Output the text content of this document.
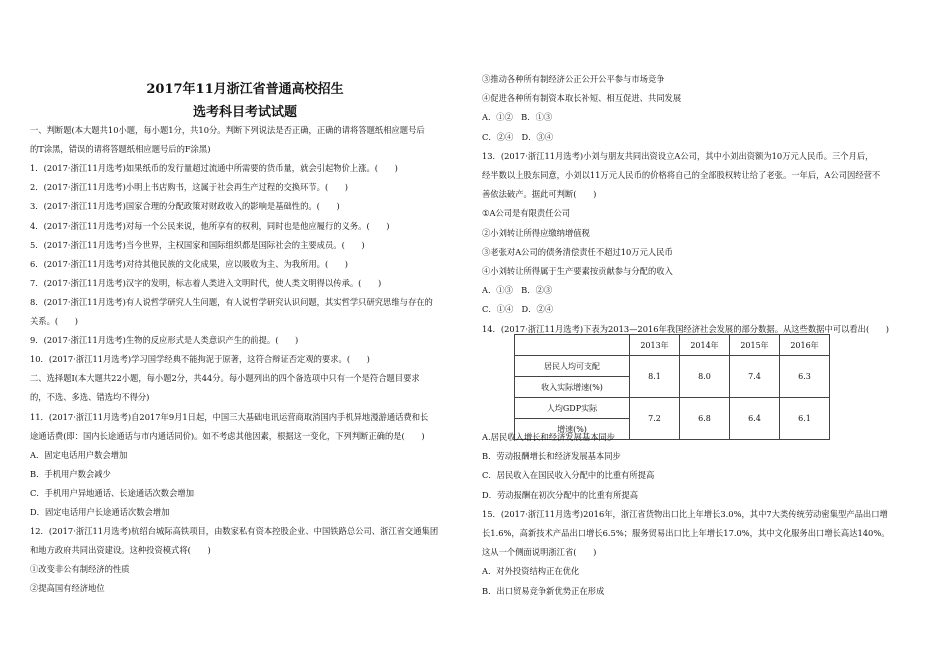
2017年11月浙江省普通高校招生
选考科目考试试题
一、判断题(本大题共10小题，每小题1分，共10分。判断下列说法是否正确，正确的请将答题纸相应题号后
的T涂黑，错误的请将答题纸相应题号后的F涂黑)
1．(2017·浙江11月选考)如果纸币的发行量超过流通中所需要的货币量，就会引起物价上涨。(　　)
2．(2017·浙江11月选考)小明上书店购书，这属于社会再生产过程的交换环节。(　　)
3．(2017·浙江11月选考)国家合理的分配政策对财政收入的影响是基础性的。(　　)
4．(2017·浙江11月选考)对每一个公民来说，他所享有的权利，同时也是他应履行的义务。(　　)
5．(2017·浙江11月选考)当今世界，主权国家和国际组织都是国际社会的主要成员。(　　)
6．(2017·浙江11月选考)对待其他民族的文化成果，应以吸收为主、为我所用。(　　)
7．(2017·浙江11月选考)汉字的发明，标志着人类进入文明时代，使人类文明得以传承。(　　)
8．(2017·浙江11月选考)有人说哲学研究人生问题，有人说哲学研究认识问题，其实哲学只研究思维与存在的
关系。(　　)
9．(2017·浙江11月选考)生物的反应形式是人类意识产生的前提。(　　)
10．(2017·浙江11月选考)学习国学经典不能拘泥于原著，这符合辩证否定观的要求。(　　)
二、选择题Ⅰ(本大题共22小题，每小题2分，共44分。每小题列出的四个备选项中只有一个是符合题目要求
的，不选、多选、错选均不得分)
11．(2017·浙江11月选考)自2017年9月1日起，中国三大基础电讯运营商取消国内手机异地漫游通话费和长
途通话费(即：国内长途通话与市内通话同价)。如不考虑其他因素，根据这一变化，下列判断正确的是(　　)
A．固定电话用户数会增加
B．手机用户数会减少
C．手机用户异地通话、长途通话次数会增加
D．固定电话用户长途通话次数会增加
12．(2017·浙江11月选考)杭绍台城际高铁项目，由数家私有资本控股企业、中国铁路总公司、浙江省交通集团
和地方政府共同出资建设。这种投资模式将(　　)
①改变非公有制经济的性质
②提高国有经济地位
③推动各种所有制经济公正公开公平参与市场竞争
④促进各种所有制资本取长补短、相互促进、共同发展
A．①②　B．①③
C．②④　D．③④
13．(2017·浙江11月选考)小刘与朋友共同出资设立A公司，其中小刘出资额为10万元人民币。三个月后，
经半数以上股东同意，小刘以11万元人民币的价格将自己的全部股权转让给了老张。一年后，A公司因经营不
善依法破产。据此可判断(　　)
①A公司是有限责任公司
②小刘转让所得应缴纳增值税
③老张对A公司的债务清偿责任不超过10万元人民币
④小刘转让所得属于生产要素按贡献参与分配的收入
A．①③　B．②③
C．①④　D．②④
14．(2017·浙江11月选考)下表为2013—2016年我国经济社会发展的部分数据。从这些数据中可以看出(　　)
	2013年	2014年	2015年	2016年
居民人均可支配	8.1	8.0	7.4	6.3
收入实际增速(%)				
人均GDP实际	7.2	6.8	6.4	6.1
增速(%)				
A.居民收入增长和经济发展基本同步
B．劳动报酬增长和经济发展基本同步
C．居民收入在国民收入分配中的比重有所提高
D．劳动报酬在初次分配中的比重有所提高
15．(2017·浙江11月选考)2016年，浙江省货物出口比上年增长3.0%，其中7大类传统劳动密集型产品出口增
长1.6%，高新技术产品出口增长6.5%；服务贸易出口比上年增长17.0%，其中文化服务出口增长高达140%。
这从一个侧面说明浙江省(　　)
A．对外投资结构正在优化
B．出口贸易竞争新优势正在形成
